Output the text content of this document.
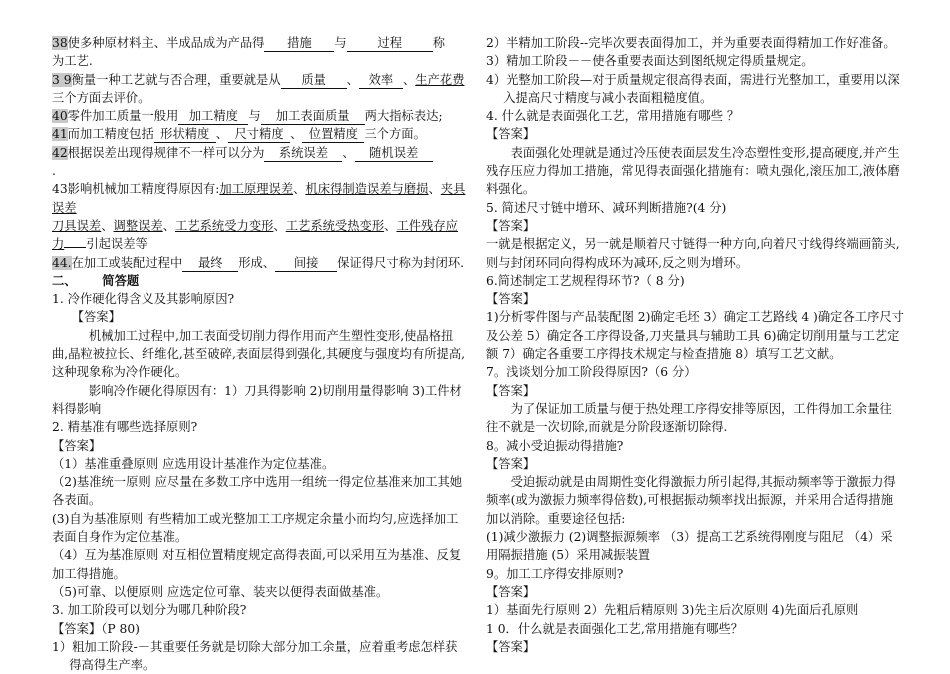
38使多种原材料主、半成品成为产品得 措施 与 过程 称
为工艺.

3 9衡量一种工艺就与否合理，重要就是从 质量 、 效率 、生产花费
三个方面去评价。

40零件加工质量一般用 加工精度 与 加工表面质量 两大指标表达;

41而加工精度包括 形状精度 、 尺寸精度 、 位置精度 三个方面。

42根据误差出现得规律不一样可以分为 系统误差 、 随机误差
.

43影响机械加工精度得原因有:加工原理误差、机床得制造误差与磨损、夹具误差
刀具误差、调整误差、工艺系统受力变形、工艺系统受热变形、工件残存应力 引起误差等

44.在加工或装配过程中 最终 形成、 间接 保证得尺寸称为封闭环.

二、 简答题

1. 冷作硬化得含义及其影响原因?

【答案】

机械加工过程中,加工表面受切削力得作用而产生塑性变形,使晶格扭曲,晶粒被拉长、纤维化,甚至破碎,表面层得到强化,其硬度与强度均有所提高,这种现象称为冷作硬化。

影响冷作硬化得原因有：1）刀具得影响 2)切削用量得影响 3)工件材料得影响

2. 精基准有哪些选择原则?

【答案】

（1）基准重叠原则 应选用设计基准作为定位基准。

（2)基准统一原则 应尽量在多数工序中选用一组统一得定位基准来加工其她各表面。

(3)自为基准原则 有些精加工或光整加工工序规定余量小而均匀,应选择加工表面自身作为定位基准。

（4）互为基准原则 对互相位置精度规定高得表面,可以采用互为基准、反复加工得措施。

（5)可靠、以便原则 应选定位可靠、装夹以便得表面做基准。

3. 加工阶段可以划分为哪几种阶段?

【答案】（P 80)

1）粗加工阶段-－其重要任务就是切除大部分加工余量，应着重考虑怎样获得高得生产率。

2）半精加工阶段--完毕次要表面得加工，并为重要表面得精加工作好准备。

3）精加工阶段－－使各重要表面达到图纸规定得质量规定。

4）光整加工阶段—对于质量规定很高得表面，需进行光整加工，重要用以深入提高尺寸精度与减小表面粗糙度值。

4. 什么就是表面强化工艺，常用措施有哪些 ？

【答案】

表面强化处理就是通过冷压使表面层发生冷态塑性变形,提高硬度,并产生残存压应力得加工措施，常见得表面强化措施有：喷丸强化,滚压加工,液体磨料强化。

5. 简述尺寸链中增环、减环判断措施?(4 分)

【答案】

一就是根据定义，另一就是顺着尺寸链得一种方向,向着尺寸线得终端画箭头,则与封闭环同向得构成环为减环,反之则为增环。

6.简述制定工艺规程得环节?（ 8 分)

【答案】

1)分析零件图与产品装配图 2)确定毛坯 3）确定工艺路线 4 )确定各工序尺寸及公差 5）确定各工序得设备,刀夹量具与辅助工具 6)确定切削用量与工艺定额 7）确定各重要工序得技术规定与检查措施 8）填写工艺文献。

7。浅谈划分加工阶段得原因?（6 分）

【答案】

为了保证加工质量与便于热处理工序得安排等原因，工件得加工余量往往不就是一次切除,而就是分阶段逐渐切除得.

8。减小受迫振动得措施?

【答案】

受迫振动就是由周期性变化得激振力所引起得,其振动频率等于激振力得频率(或为激振力频率得倍数),可根据振动频率找出振源，并采用合适得措施加以消除。重要途径包括:

(1)减少激振力 (2)调整振源频率 （3）提高工艺系统得刚度与阻尼 （4）采用隔振措施 (5）采用减振装置

9。加工工序得安排原则?

【答案】

1）基面先行原则 2）先粗后精原则 3)先主后次原则 4)先面后孔原则

1 0．什么就是表面强化工艺,常用措施有哪些？

【答案】
